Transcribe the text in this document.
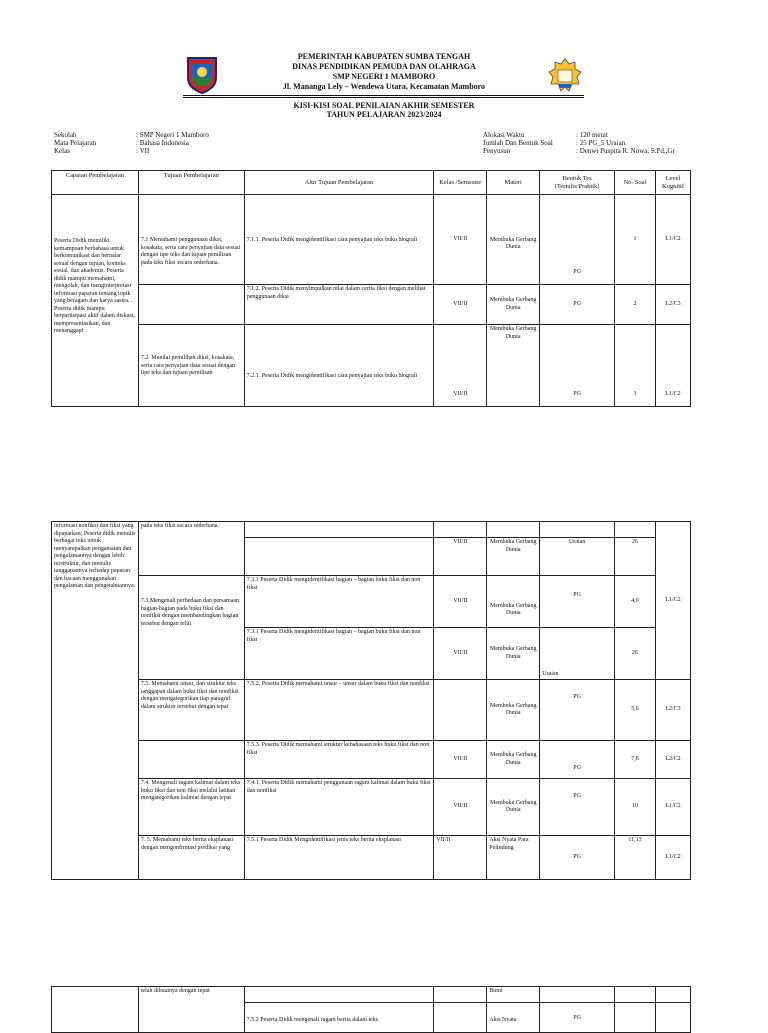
PEMERINTAH KABUPATEN SUMBA TENGAH
DINAS PENDIDIKAN PEMUDA DAN OLAHRAGA
SMP NEGERI 1 MAMBORO
Jl. Mananga Lely – Wendewa Utara, Kecamatan Mamboro
KISI-KISI SOAL PENILAIAN AKHIR SEMESTER
TAHUN PELAJARAN 2023/2024
Sekolah	: SMP Negeri 1 Mamboro
Mata Pelajaran	: Bahasa Indonesia
Kelas	: VII
Alokasi Waktu	: 120 menit
Jumlah Dan Bentuk Soal	: 25 PG_5 Uraian
Penyusun	: Denwi Puspita R. Nowa, S.Pd.,Gr
Capaian Pembelajaran	Tujuan Pembelajaran	Alur Tujuan Pembelajaran	Kelas /Semester	Materi	Bentuk Tes (Tertulis/Praktik)	No. Soal	Level Kognitif
Peserta Didik memiliki kemampuan berbahasa untuk berkomunikasi dan bernalar sesuai dengan tujuan, konteks sosial, dan akademis. Peserta didik mampu memahami, mengolah, dan menginterpretasi informasi paparan tentang topik yang beragam dan karya sastra. . Peserta didik mampu berpartisipasi aktif dalam diskusi, mempresentasikan, dan menanggapi	7.1 Memahami penggunaan diksi, kosakata, serta cara penyajian data sesuai dengan tipe teks dan tujuan pemilisan pada teks fiksi secara sederhana.	7.1.1. Peserta Didik mengidentifikasi cara penyajian teks buku biografi	VII/II	Membuka Gerbang Dunia	PG	1	L1/C2
		7.1.2. Peserta Didik menyimpulkan nilai dalam cerita fiksi dengan melihat penggunaan diksi	VII/II	Membuka Gerbang Dunia	PG	2	L2/C3
	7.2. Menilai pemilihan diksi, kosakata, serta cara penyajian data sesuai dengan tipe teks dan tujuan pemilisan	7.2.1. Peserta Didik mengidentifikasi cara penyajian teks buku biografi	VII/II	Membuka Gerbang Dunia	PG	3	L1/C2
informasi nonfiksi dan fiksi yang dipaparkan; Peserta didik menulis berbagai teks untuk menyampaikan pengamatan dan pengalamannya dengan lebih terstruktur, dan menulis tanggapannya terhadap paparan dan bacaan menggunakan pengalaman dan pengetahuannya.	pada teks fiksi secara sederhana.						L1/C2
			VII/II	Membuka Gerbang Dunia	Uraian	26	
	7.3.Mengenali perbedaan dan persamaan bagian-bagian pada buku fiksi dan nonfiksi dengan membandingkan bagian tersebut dengan teliti	7.3.1 Peserta Didik mengidentifikasi bagian – bagian buku fiksi dan non fiksi	VII/II	Membuka Gerbang Dunia	PG	4,9	
		7.3.1 Peserta Didik mengidentifikasi bagian – bagian buku fiksi dan non fiksi	VII/II	Membuka Gerbang Dunia	Uraian	26	
	7.5. Memahami unsur, dan struktur teks tanggapan dalam buku fiksi dan nonfiksi dengan mengategorikan tiap paragraf dalam struktur tersebut dengan tepat	7.5.2. Peserta Didik memahami unsur – unsur dalam buku fiksi dan nonfiksi		Membuka Gerbang Dunia	PG	5,6	L2/C3
		7.5.3. Peserta Didik memahami struktur kebahasaan teks buku fiksi dan non fiksi	VII/II	Membuka Gerbang Dunia	PG	7,8	L2/C2
	7.4. Mengenali ragam kalimat dalam teks buku fiksi dan non fiksi melalui latihan mengategorikan kalimat dengan tepat	7.4.1. Peserta Didik memahami penggunaan ragam kalimat dalam buku fiksi dan nonfiksi	VII/II	Membuka Gerbang Dunia	PG	10	L1/C2
	7. 5. Memahami teks berita eksplanasi dengan mengonfirmasi prediksi yang	7.5.1 Peserta Didik Mengidentifikasi jenis teks berita eksplanasi	VII/II	Aksi Nyata Para Pelindung	PG	11,13	L1/C2
	telah dibuatnya dengan tepat			Bumi			
		7.5.2 Peserta Didik mengenali ragam berita dalam teks		Aksi Nyata	PG		
